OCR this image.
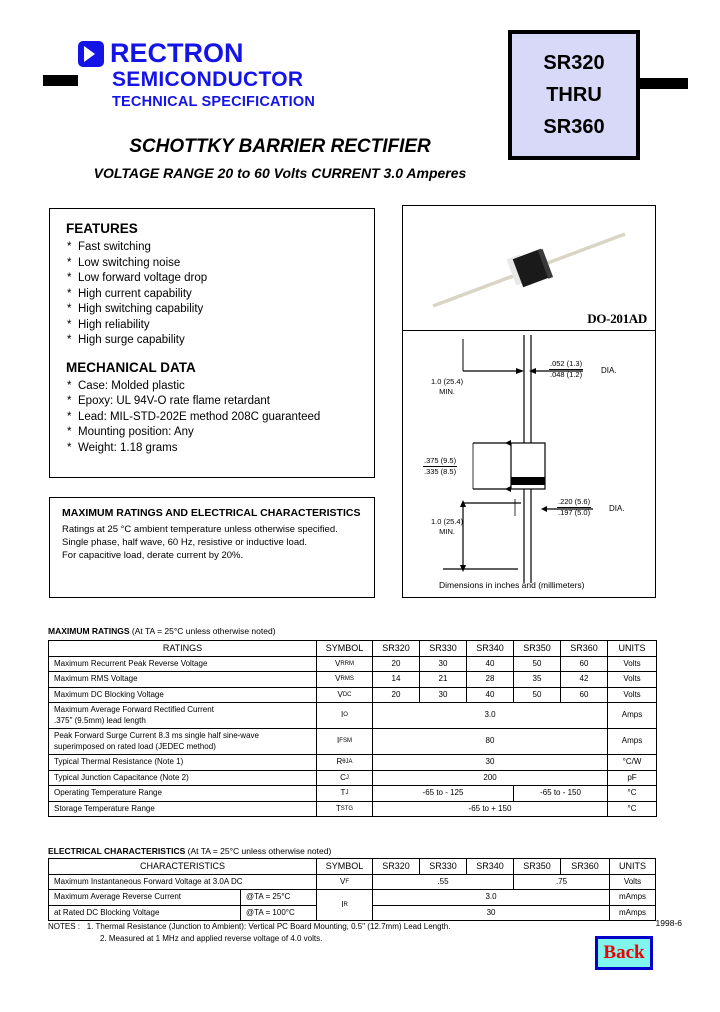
RECTRON
SEMICONDUCTOR
TECHNICAL SPECIFICATION
SR320
THRU
SR360
SCHOTTKY BARRIER RECTIFIER
VOLTAGE RANGE 20 to 60 Volts CURRENT 3.0 Amperes
FEATURES
* Fast switching
* Low switching noise
* Low forward voltage drop
* High current capability
* High switching capability
* High reliability
* High surge capability
MECHANICAL DATA
* Case: Molded plastic
* Epoxy: UL 94V-O rate flame retardant
* Lead: MIL-STD-202E method 208C guaranteed
* Mounting position: Any
* Weight: 1.18 grams
MAXIMUM RATINGS AND ELECTRICAL CHARACTERISTICS
Ratings at 25 °C ambient temperature unless otherwise specified.
Single phase, half wave, 60 Hz, resistive or inductive load.
For capacitive load, derate current by 20%.
DO-201AD
1.0 (25.4)
MIN.
.052 (1.3)
.048 (1.2) DIA.
.375 (9.5)
.335 (8.5)
.220 (5.6)
.197 (5.0) DIA.
1.0 (25.4)
MIN.
Dimensions in inches and (millimeters)
MAXIMUM RATINGS (At TA = 25°C unless otherwise noted)
RATINGS	SYMBOL	SR320	SR330	SR340	SR350	SR360	UNITS
Maximum Recurrent Peak Reverse Voltage	VRRM	20	30	40	50	60	Volts
Maximum RMS Voltage	VRMS	14	21	28	35	42	Volts
Maximum DC Blocking Voltage	VDC	20	30	40	50	60	Volts
Maximum Average Forward Rectified Current
.375" (9.5mm) lead length	IO	3.0					Amps
Peak Forward Surge Current 8.3 ms single half sine-wave
superimposed on rated load (JEDEC method)	IFSM	80					Amps
Typical Thermal Resistance (Note 1)	RθJA	30					°C/W
Typical Junction Capacitance (Note 2)	CJ	200					pF
Operating Temperature Range	TJ	-65 to - 125			-65 to - 150		°C
Storage Temperature Range	TSTG	-65 to + 150					°C
ELECTRICAL CHARACTERISTICS (At TA = 25°C unless otherwise noted)
CHARACTERISTICS		SYMBOL	SR320	SR330	SR340	SR350	SR360	UNITS
Maximum Instantaneous Forward Voltage at 3.0A DC		VF	.55			.75		Volts
Maximum Average Reverse Current	@TA = 25°C	IR	3.0					mAmps
at Rated DC Blocking Voltage	@TA = 100°C		30					mAmps
NOTES : 1. Thermal Resistance (Junction to Ambient): Vertical PC Board Mounting, 0.5" (12.7mm) Lead Length.
2. Measured at 1 MHz and applied reverse voltage of 4.0 volts.
1998-6
Back
